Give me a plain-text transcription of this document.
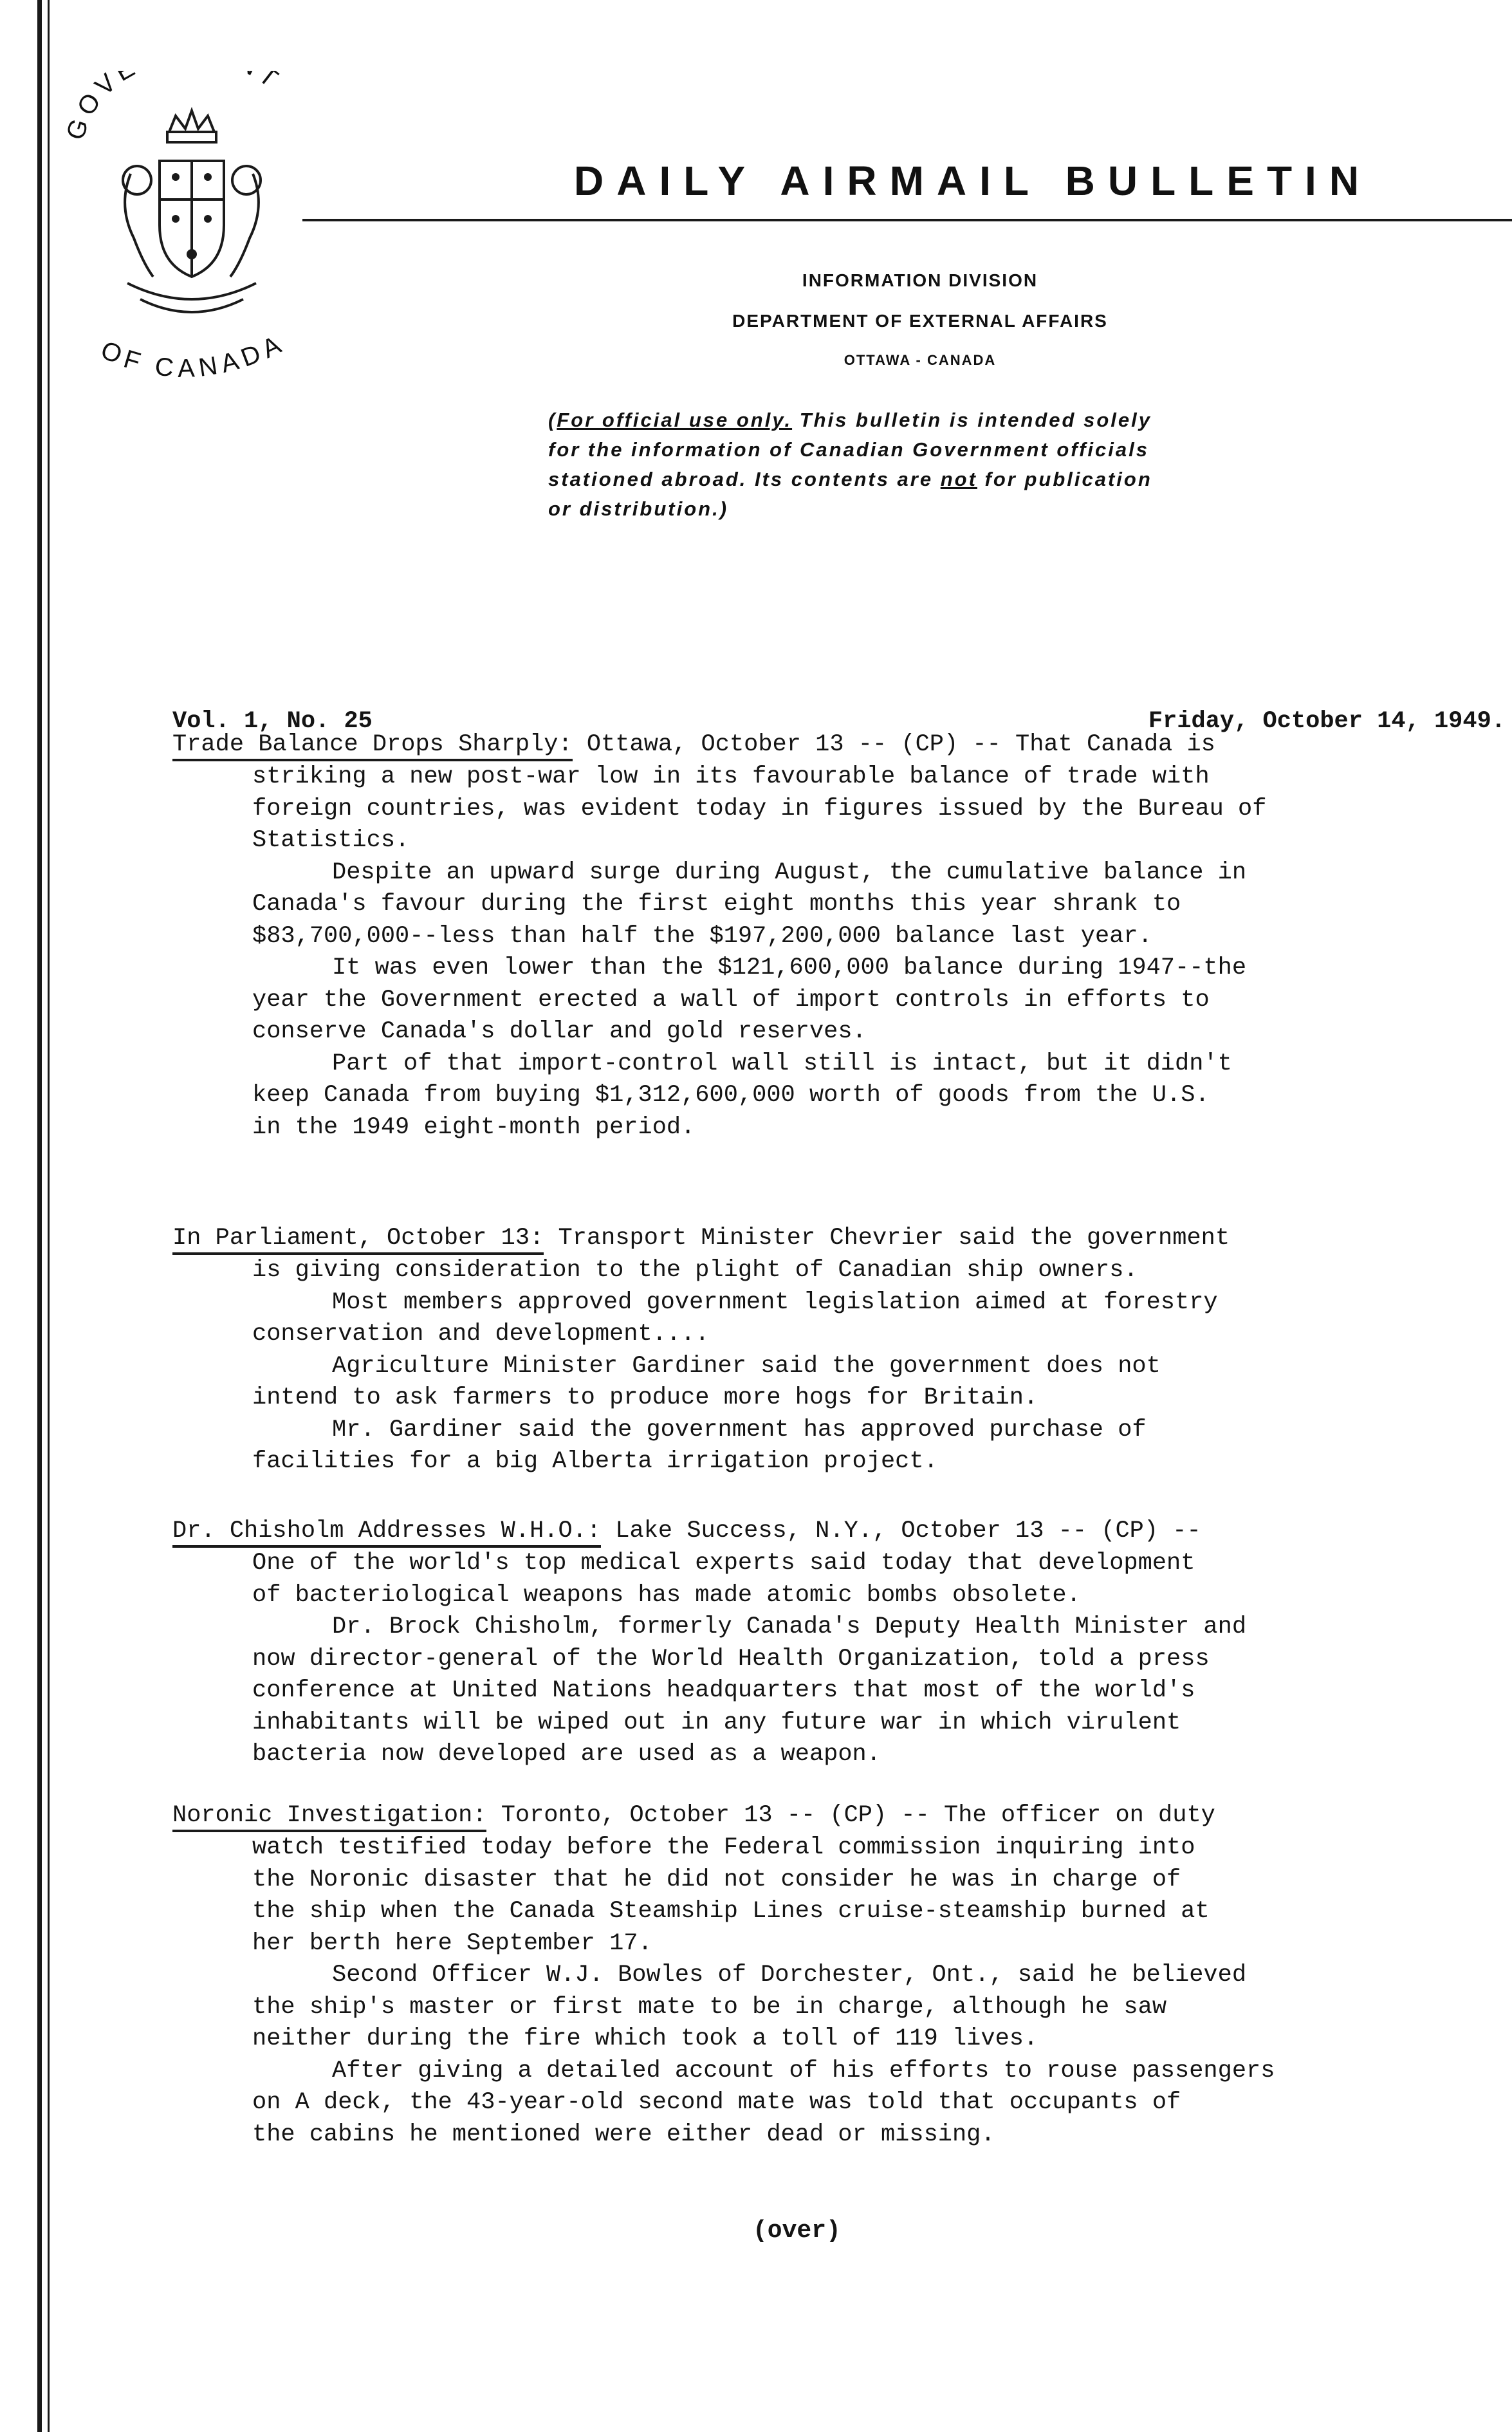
GOV T
OF CANADA
DAILY AIRMAIL BULLETIN
INFORMATION DIVISION
DEPARTMENT OF EXTERNAL AFFAIRS
OTTAWA - CANADA
(For official use only. This bulletin is intended solely
for the information of Canadian Government officials
stationed abroad. Its contents are not for publication
or distribution.)
Vol. 1, No. 25	Friday, October 14, 1949.

Trade Balance Drops Sharply: Ottawa, October 13 -- (CP) -- That Canada is

striking a new post-war low in its favourable balance of trade with

foreign countries, was evident today in figures issued by the Bureau of

Statistics.

Despite an upward surge during August, the cumulative balance in

Canada's favour during the first eight months this year shrank to

$83,700,000--less than half the $197,200,000 balance last year.

It was even lower than the $121,600,000 balance during 1947--the

year the Government erected a wall of import controls in efforts to

conserve Canada's dollar and gold reserves.

Part of that import-control wall still is intact, but it didn't

keep Canada from buying $1,312,600,000 worth of goods from the U.S.

in the 1949 eight-month period.

In Parliament, October 13: Transport Minister Chevrier said the government

is giving consideration to the plight of Canadian ship owners.

Most members approved government legislation aimed at forestry

conservation and development....

Agriculture Minister Gardiner said the government does not

intend to ask farmers to produce more hogs for Britain.

Mr. Gardiner said the government has approved purchase of

facilities for a big Alberta irrigation project.

Dr. Chisholm Addresses W.H.O.: Lake Success, N.Y., October 13 -- (CP) --

One of the world's top medical experts said today that development

of bacteriological weapons has made atomic bombs obsolete.

Dr. Brock Chisholm, formerly Canada's Deputy Health Minister and

now director-general of the World Health Organization, told a press

conference at United Nations headquarters that most of the world's

inhabitants will be wiped out in any future war in which virulent

bacteria now developed are used as a weapon.

Noronic Investigation: Toronto, October 13 -- (CP) -- The officer on duty

watch testified today before the Federal commission inquiring into

the Noronic disaster that he did not consider he was in charge of

the ship when the Canada Steamship Lines cruise-steamship burned at

her berth here September 17.

Second Officer W.J. Bowles of Dorchester, Ont., said he believed

the ship's master or first mate to be in charge, although he saw

neither during the fire which took a toll of 119 lives.

After giving a detailed account of his efforts to rouse passengers

on A deck, the 43-year-old second mate was told that occupants of

the cabins he mentioned were either dead or missing.

(over)
